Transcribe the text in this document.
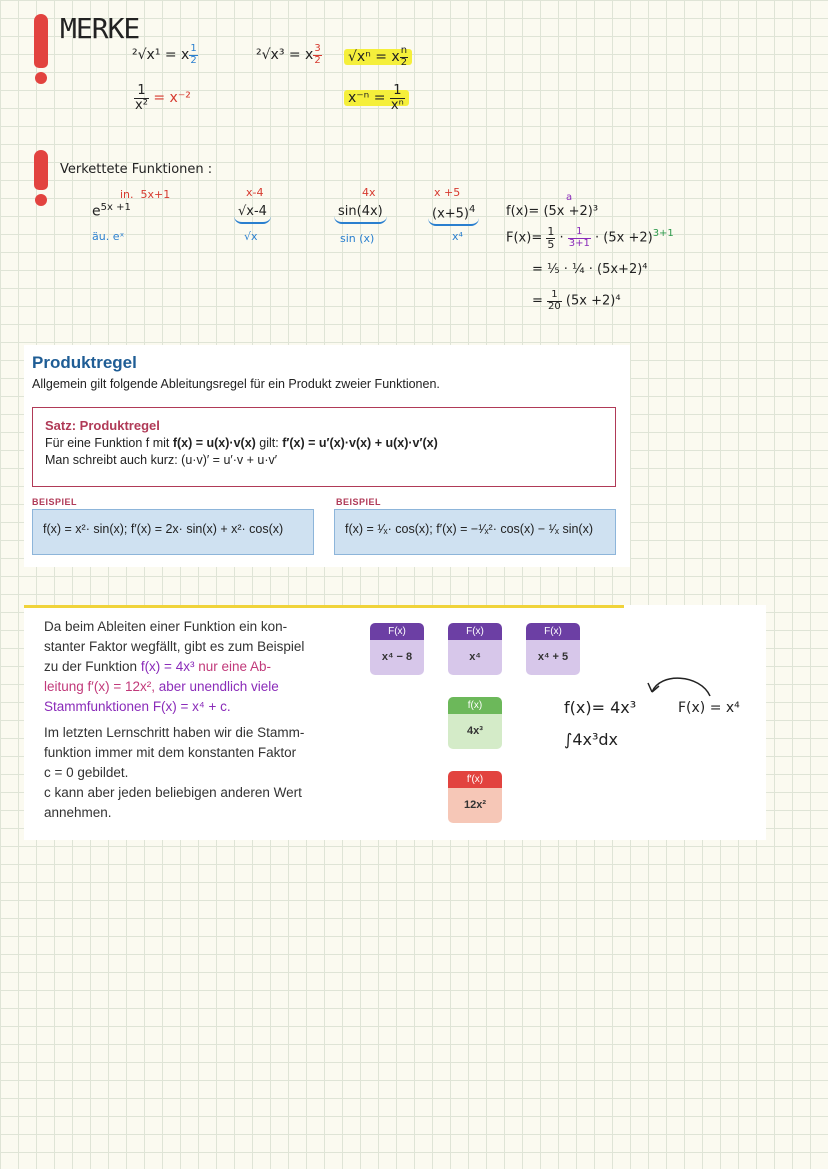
MERKE
²√x¹ = x $\frac{1}{2}$	²√x³ = x $\frac{3}{2} √x^n = x \frac{n}{2}$
$\frac{1}{\text{x²}} = x^{-2}$	$x^{-n} = \frac{1}{\text{xⁿ}}$
Verkettete Funktionen :
in. 5x+1
$e^{5x +1}$
äu. eˣ
x-4
√x-4
√x
4x
sin(4x)
sin (x)
x +5
$(x+5)^4$
x⁴
a
f(x)= (5x +2)³
$F(x)= \frac{1}{5} \cdot \frac{1}{3+1} \cdot (5x +2)^{3+1}$
= ⅕ · ¼ · (5x+2)⁴
= $\frac{1}{20} (5x +2)^4$
Produktregel
Allgemein gilt folgende Ableitungsregel für ein Produkt zweier Funktionen.
Satz: Produktregel
Für eine Funktion f mit f(x) = u(x)·v(x) gilt: f′(x) = u′(x)·v(x) + u(x)·v′(x)
Man schreibt auch kurz: (u·v)′ = u′·v + u·v′
BEISPIEL
f(x) = x²· sin(x); f′(x) = 2x· sin(x) + x²· cos(x)
BEISPIEL
f(x) = ¹⁄ₓ· cos(x); f′(x) = −¹⁄ₓ²· cos(x) − ¹⁄ₓ sin(x)
Da beim Ableiten einer Funktion ein kon-
stanter Faktor wegfällt, gibt es zum Beispiel
zu der Funktion f(x) = 4x³ nur eine Ab-
leitung f′(x) = 12x², aber unendlich viele
Stammfunktionen F(x) = x⁴ + c.
Im letzten Lernschritt haben wir die Stamm-
funktion immer mit dem konstanten Faktor
c = 0 gebildet.
c kann aber jeden beliebigen anderen Wert
annehmen.
F(x)
x⁴ − 8
F(x)
x⁴
F(x)
x⁴ + 5
f(x)
4x³
f′(x)
12x²
f(x)= 4x³	F(x) = x⁴
∫4x³dx
